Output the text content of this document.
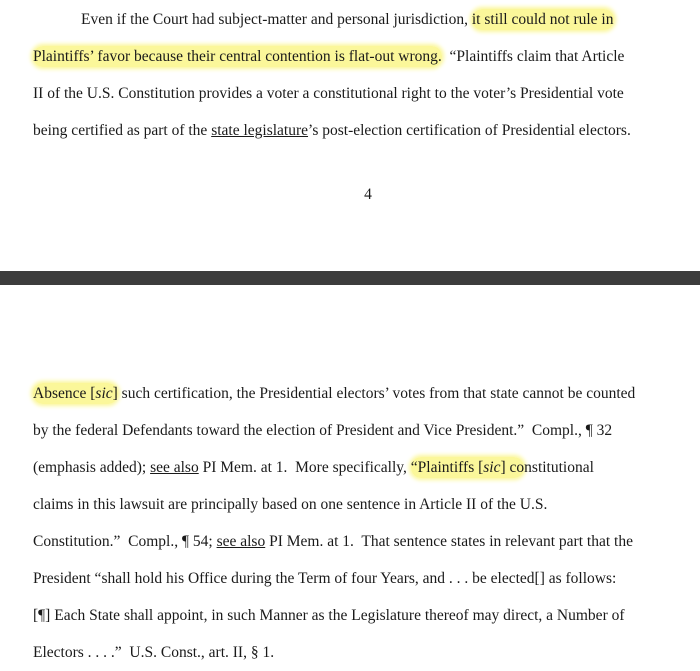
Even if the Court had subject-matter and personal jurisdiction, it still could not rule in
Plaintiffs’ favor because their central contention is flat-out wrong.  “Plaintiffs claim that Article
II of the U.S. Constitution provides a voter a constitutional right to the voter’s Presidential vote
being certified as part of the state legislature’s post-election certification of Presidential electors.

4

Absence [sic] such certification, the Presidential electors’ votes from that state cannot be counted
by the federal Defendants toward the election of President and Vice President.”  Compl., ¶ 32
(emphasis added); see also PI Mem. at 1.  More specifically, “Plaintiffs [sic] constitutional
claims in this lawsuit are principally based on one sentence in Article II of the U.S.
Constitution.”  Compl., ¶ 54; see also PI Mem. at 1.  That sentence states in relevant part that the
President “shall hold his Office during the Term of four Years, and . . . be elected[] as follows:
[¶] Each State shall appoint, in such Manner as the Legislature thereof may direct, a Number of
Electors . . . .”  U.S. Const., art. II, § 1.
